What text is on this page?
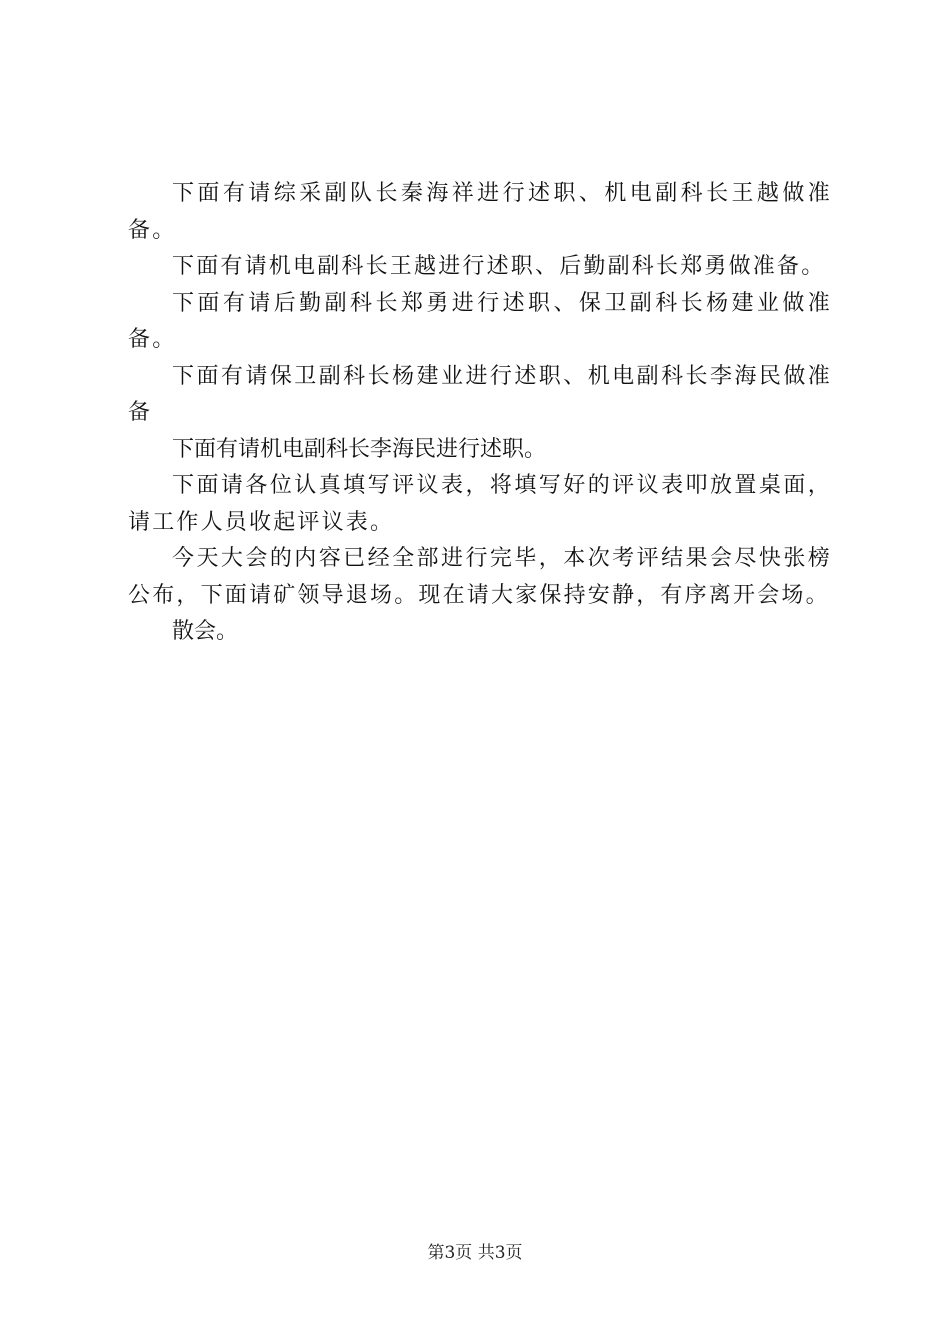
下面有请综采副队长秦海祥进行述职、机电副科长王越做准备。

下面有请机电副科长王越进行述职、后勤副科长郑勇做准备。

下面有请后勤副科长郑勇进行述职、保卫副科长杨建业做准备。

下面有请保卫副科长杨建业进行述职、机电副科长李海民做准备

下面有请机电副科长李海民进行述职。

下面请各位认真填写评议表，将填写好的评议表叩放置桌面，请工作人员收起评议表。

今天大会的内容已经全部进行完毕，本次考评结果会尽快张榜公布，下面请矿领导退场。现在请大家保持安静，有序离开会场。

散会。

第3页 共3页
